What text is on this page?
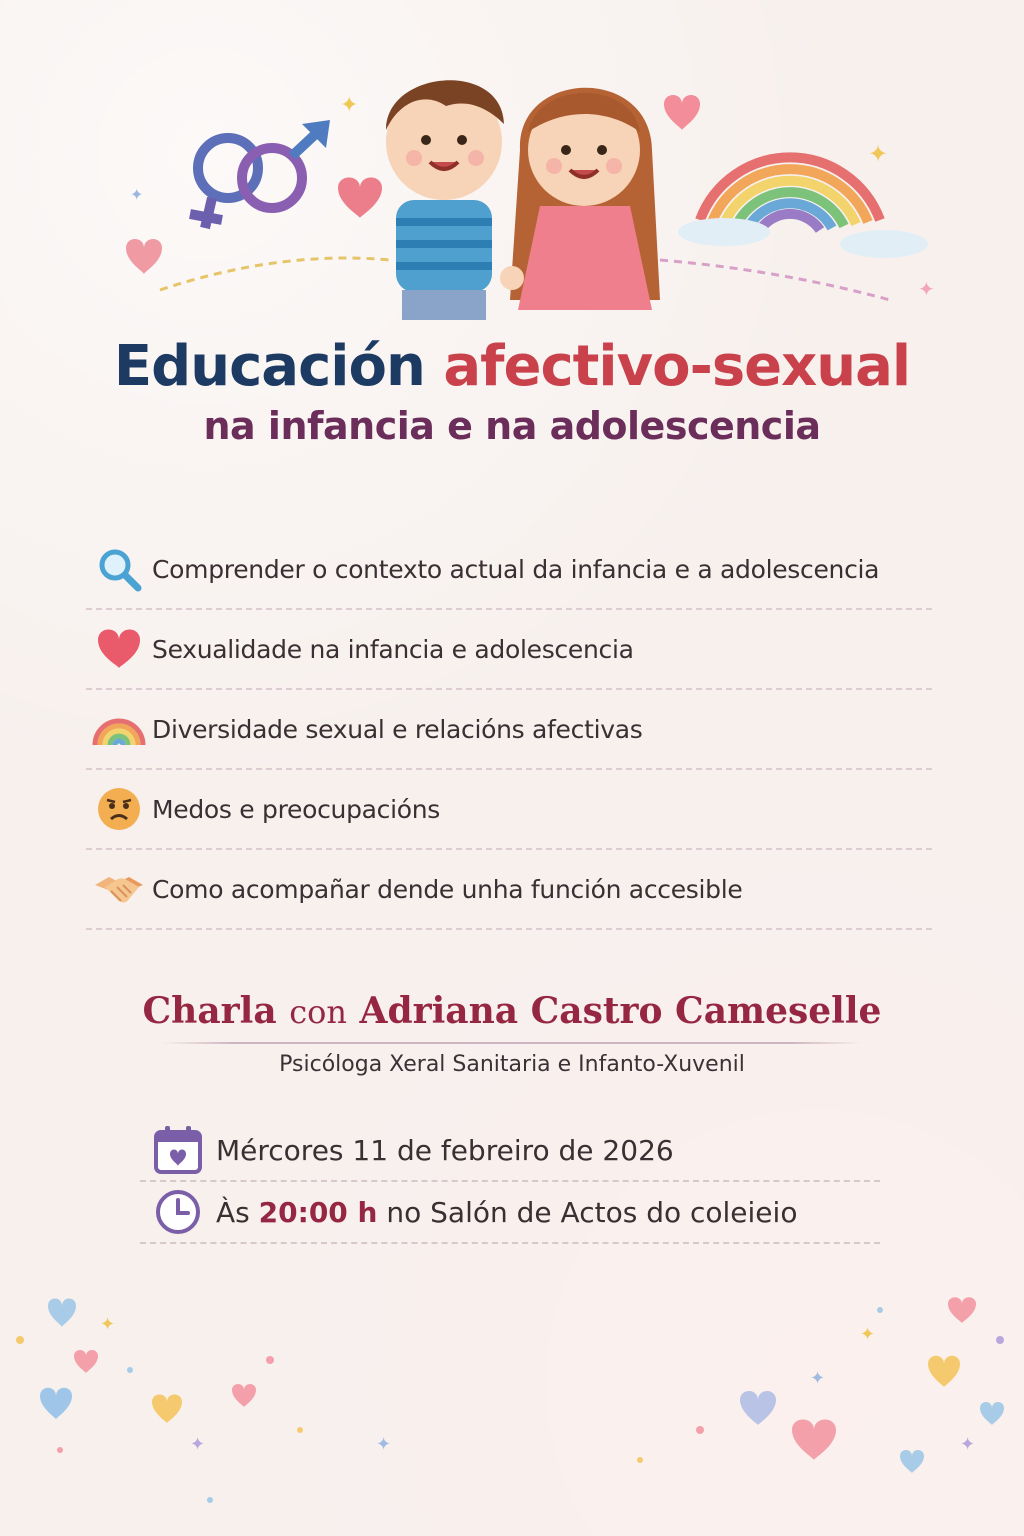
✦
✦
✦
✦
Educación afectivo-sexual
na infancia e na adolescencia
Comprender o contexto actual da infancia e a adolescencia
Sexualidade na infancia e adolescencia
Diversidade sexual e relacións afectivas
Medos e preocupacións
Como acompañar dende unha función accesible
Charla con Adriana Castro Cameselle
Psicóloga Xeral Sanitaria e Infanto-Xuvenil
Mércores 11 de febreiro de 2026
Às 20:00 h no Salón de Actos do coleieio
✦
✦	✦
✦
✦
✦
